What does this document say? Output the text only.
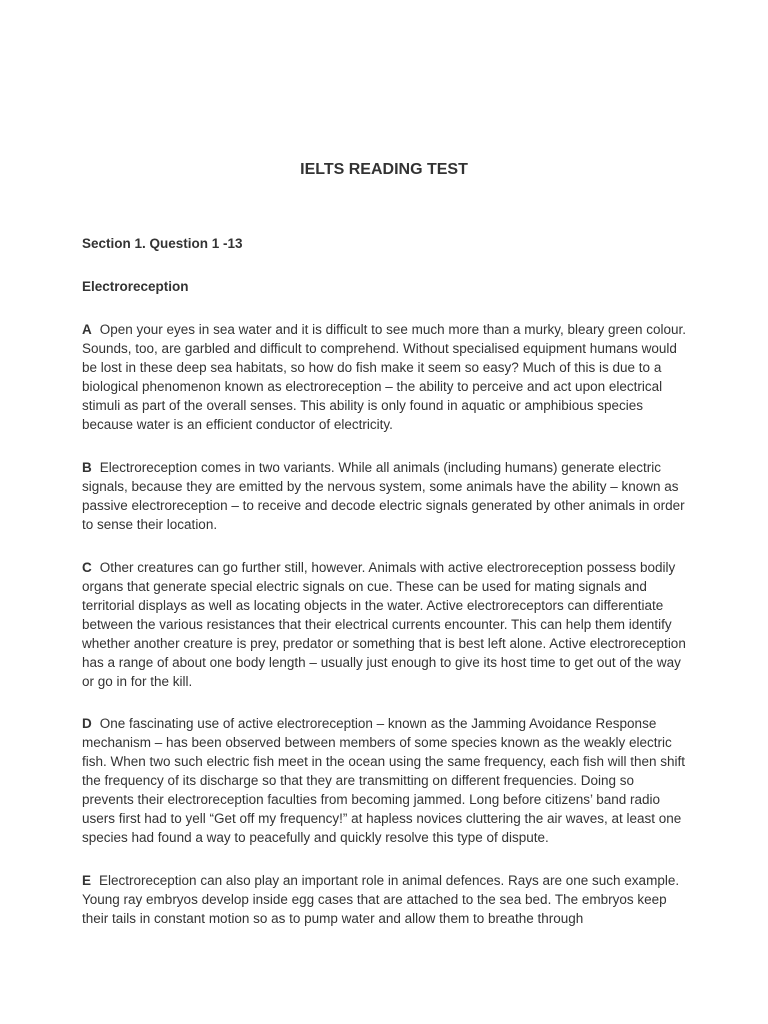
IELTS READING TEST

Section 1. Question 1 -13

Electroreception

A Open your eyes in sea water and it is difficult to see much more than a murky, bleary green colour. Sounds, too, are garbled and difficult to comprehend. Without specialised equipment humans would be lost in these deep sea habitats, so how do fish make it seem so easy? Much of this is due to a biological phenomenon known as electroreception – the ability to perceive and act upon electrical stimuli as part of the overall senses. This ability is only found in aquatic or amphibious species because water is an efficient conductor of electricity.

B Electroreception comes in two variants. While all animals (including humans) generate electric signals, because they are emitted by the nervous system, some animals have the ability – known as passive electroreception – to receive and decode electric signals generated by other animals in order to sense their location.

C Other creatures can go further still, however. Animals with active electroreception possess bodily organs that generate special electric signals on cue. These can be used for mating signals and territorial displays as well as locating objects in the water. Active electroreceptors can differentiate between the various resistances that their electrical currents encounter. This can help them identify whether another creature is prey, predator or something that is best left alone. Active electroreception has a range of about one body length – usually just enough to give its host time to get out of the way or go in for the kill.

D One fascinating use of active electroreception – known as the Jamming Avoidance Response mechanism – has been observed between members of some species known as the weakly electric fish. When two such electric fish meet in the ocean using the same frequency, each fish will then shift the frequency of its discharge so that they are transmitting on different frequencies. Doing so prevents their electroreception faculties from becoming jammed. Long before citizens’ band radio users first had to yell “Get off my frequency!” at hapless novices cluttering the air waves, at least one species had found a way to peacefully and quickly resolve this type of dispute.

E Electroreception can also play an important role in animal defences. Rays are one such example. Young ray embryos develop inside egg cases that are attached to the sea bed. The embryos keep their tails in constant motion so as to pump water and allow them to breathe through
